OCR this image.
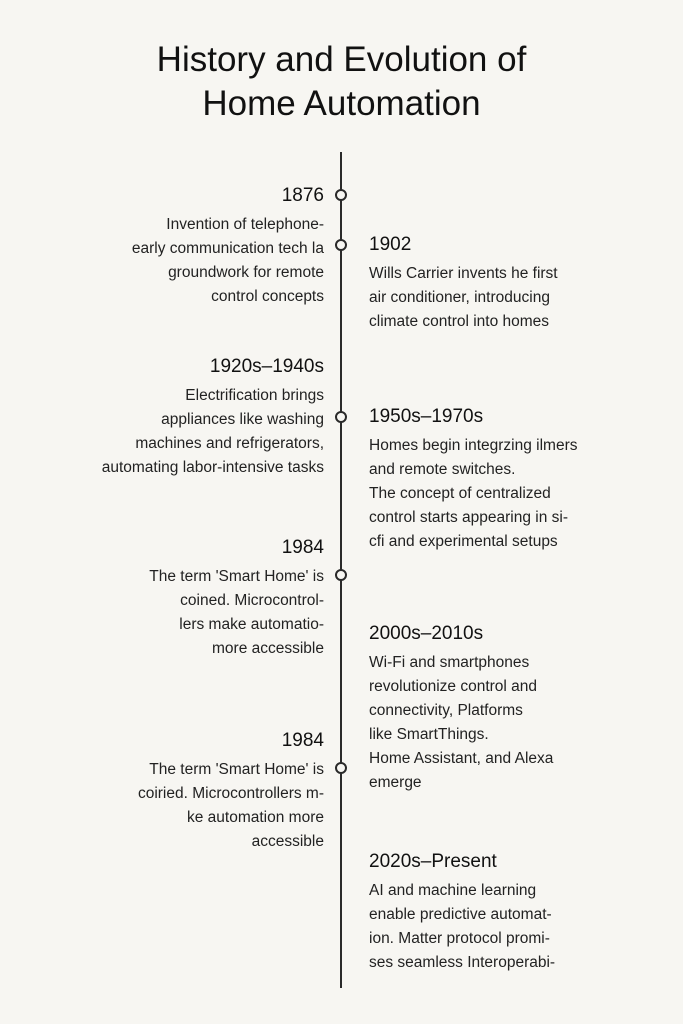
History and Evolution of
Home Automation
1876
Invention of telephone-
early communication tech la
groundwork for remote
control concepts
1902
Wills Carrier invents he first
air conditioner, introducing
climate control into homes
1920s–1940s
Electrification brings
appliances like washing
machines and refrigerators,
automating labor-intensive tasks
1950s–1970s
Homes begin integrzing ilmers
and remote switches.
The concept of centralized
control starts appearing in si-
cfi and experimental setups
1984
The term 'Smart Home' is
coined. Microcontrol-
lers make automatio-
more accessible
2000s–2010s
Wi-Fi and smartphones
revolutionize control and
connectivity, Platforms
like SmartThings.
Home Assistant, and Alexa
emerge
1984
The term 'Smart Home' is
coiried. Microcontrollers m-
ke automation more
accessible
2020s–Present
AI and machine learning
enable predictive automat-
ion. Matter protocol promi-
ses seamless Interoperabi-
